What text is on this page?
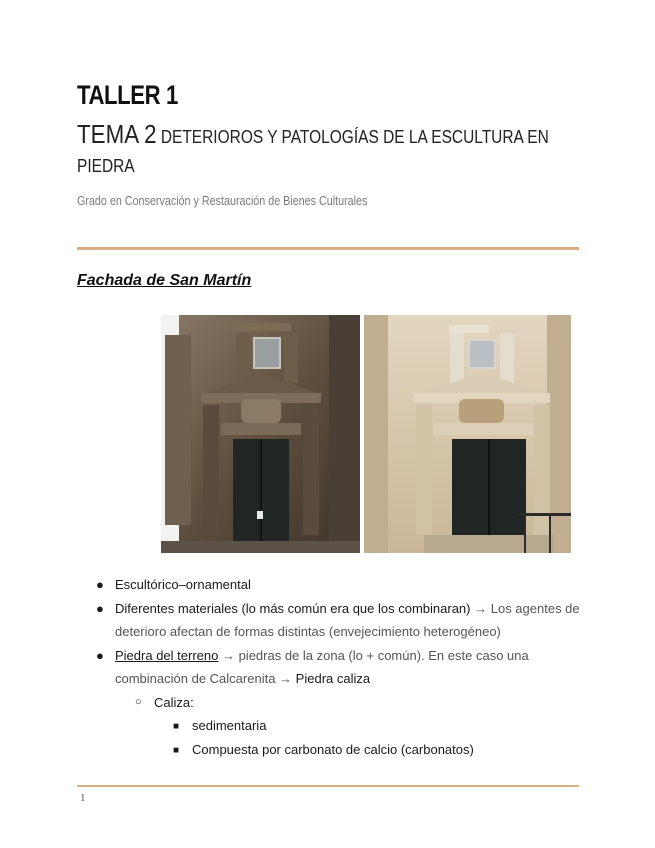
TALLER 1
TEMA 2 DETERIOROS Y PATOLOGÍAS DE LA ESCULTURA EN
PIEDRA

Grado en Conservación y Restauración de Bienes Culturales

Fachada de San Martín
● Escultórico–ornamental
● Diferentes materiales (lo más común era que los combinaran) → Los agentes de deterioro afectan de formas distintas (envejecimiento heterogéneo)
● Piedra del terreno → piedras de la zona (lo + común). En este caso una combinación de Calcarenita → Piedra caliza
○ Caliza:
■ sedimentaria
■ Compuesta por carbonato de calcio (carbonatos)

1
